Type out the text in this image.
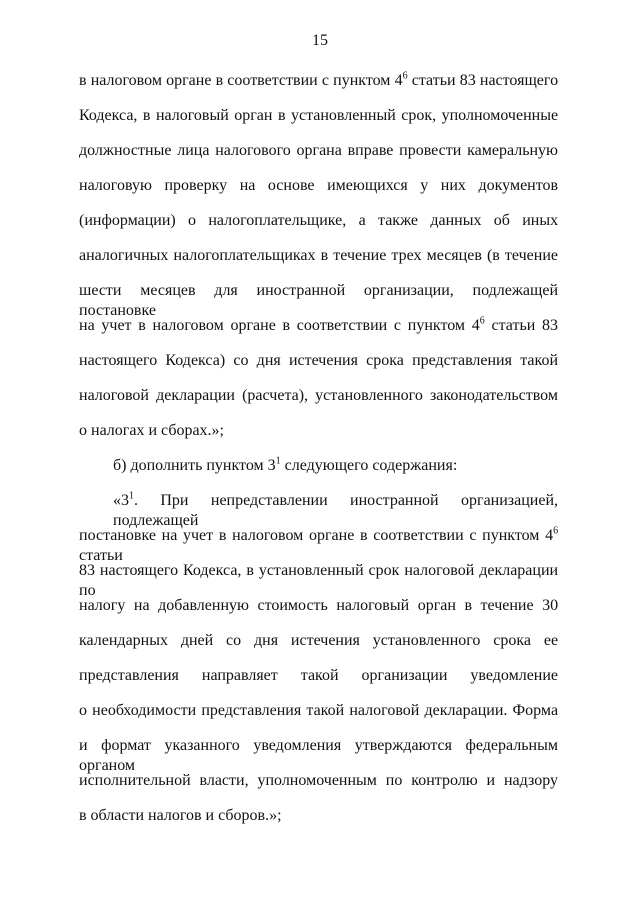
15
в налоговом органе в соответствии с пунктом $4^6$ статьи 83 настоящего
Кодекса, в налоговый орган в установленный срок, уполномоченные
должностные лица налогового органа вправе провести камеральную
налоговую проверку на основе имеющихся у них документов
(информации) о налогоплательщике, а также данных об иных
аналогичных налогоплательщиках в течение трех месяцев (в течение
шести месяцев для иностранной организации, подлежащей постановке
на учет в налоговом органе в соответствии с пунктом $4^6$ статьи 83
настоящего Кодекса) со дня истечения срока представления такой
налоговой декларации (расчета), установленного законодательством
о налогах и сборах.»;
б) дополнить пунктом $3^1$ следующего содержания:
«$3^1$. При непредставлении иностранной организацией, подлежащей
постановке на учет в налоговом органе в соответствии с пунктом $4^6$ статьи
83 настоящего Кодекса, в установленный срок налоговой декларации по
налогу на добавленную стоимость налоговый орган в течение 30
календарных дней со дня истечения установленного срока ее
представления направляет такой организации уведомление
о необходимости представления такой налоговой декларации. Форма
и формат указанного уведомления утверждаются федеральным органом
исполнительной власти, уполномоченным по контролю и надзору
в области налогов и сборов.»;
